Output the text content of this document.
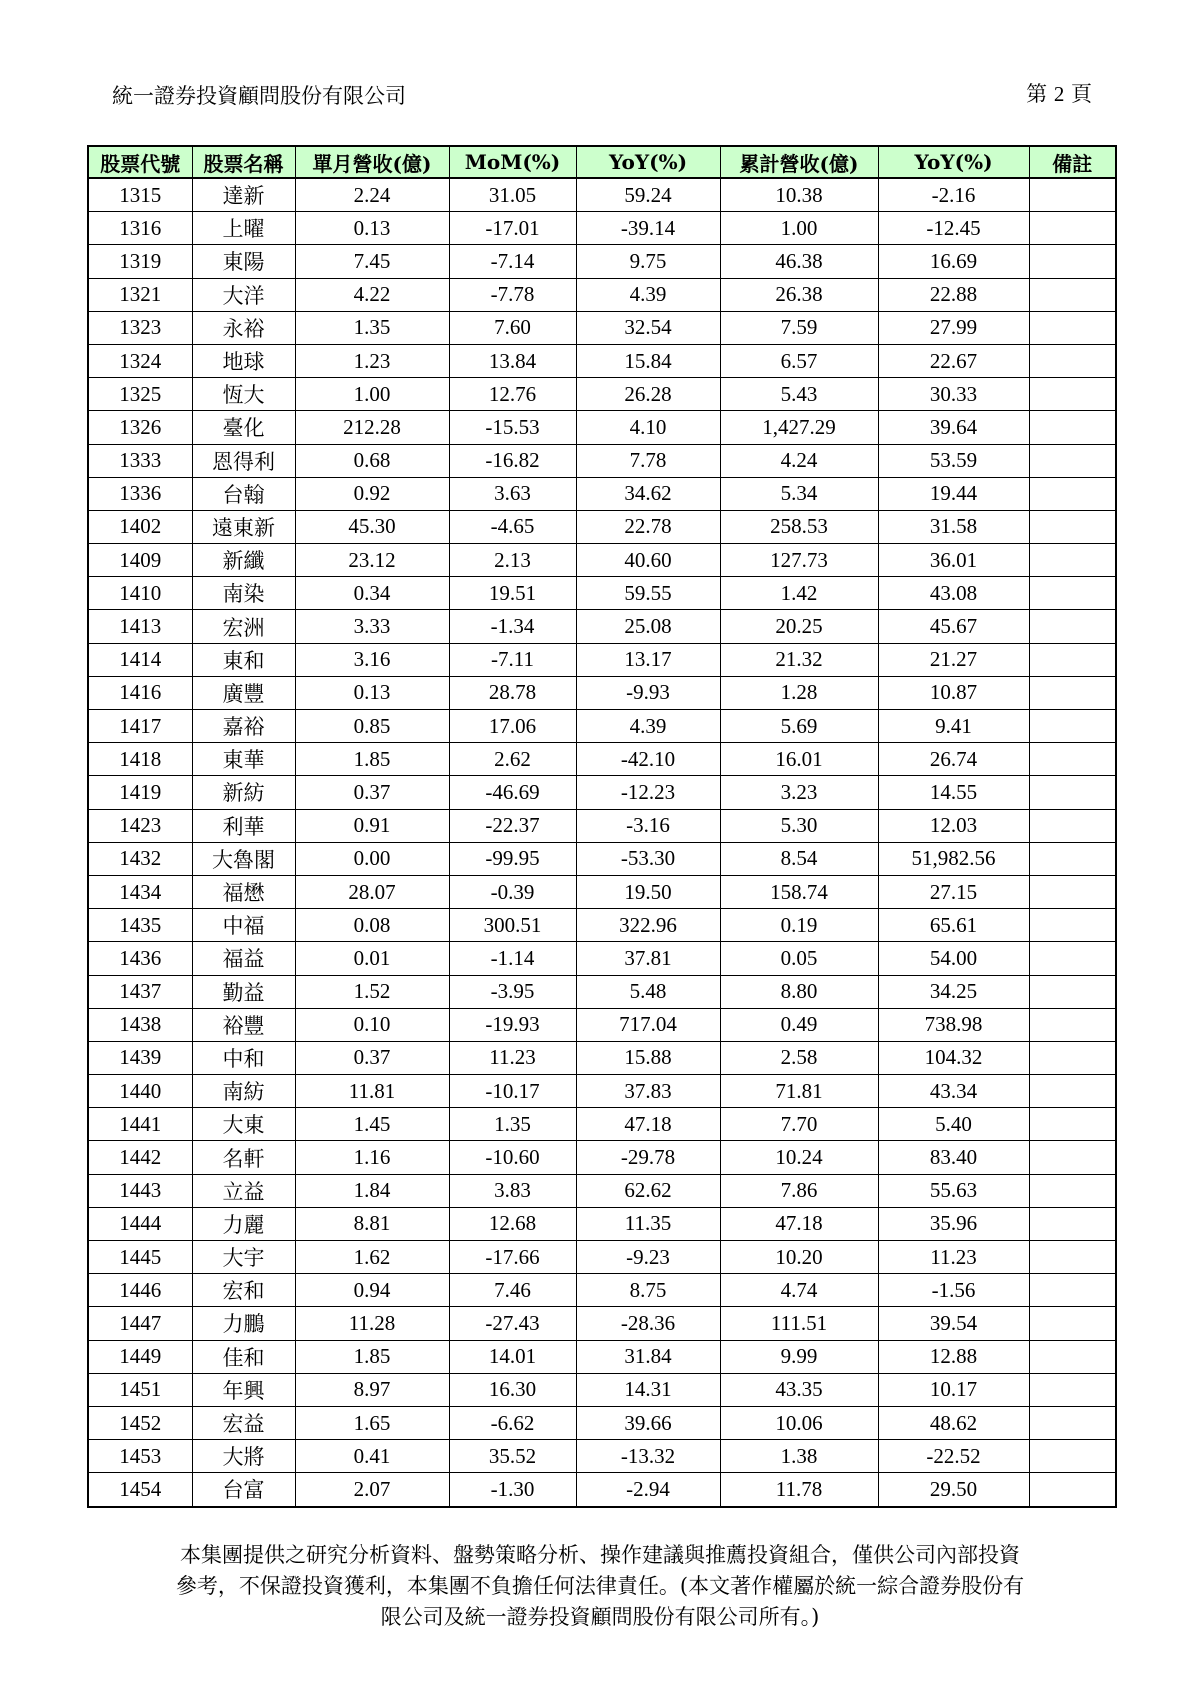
統一證券投資顧問股份有限公司	第 2 頁
股票代號	股票名稱	單月營收(億)	MoM(%)	YoY(%)	累計營收(億)	YoY(%)	備註
1315	達新	2.24	31.05	59.24	10.38	-2.16	
1316	上曜	0.13	-17.01	-39.14	1.00	-12.45	
1319	東陽	7.45	-7.14	9.75	46.38	16.69	
1321	大洋	4.22	-7.78	4.39	26.38	22.88	
1323	永裕	1.35	7.60	32.54	7.59	27.99	
1324	地球	1.23	13.84	15.84	6.57	22.67	
1325	恆大	1.00	12.76	26.28	5.43	30.33	
1326	臺化	212.28	-15.53	4.10	1,427.29	39.64	
1333	恩得利	0.68	-16.82	7.78	4.24	53.59	
1336	台翰	0.92	3.63	34.62	5.34	19.44	
1402	遠東新	45.30	-4.65	22.78	258.53	31.58	
1409	新纖	23.12	2.13	40.60	127.73	36.01	
1410	南染	0.34	19.51	59.55	1.42	43.08	
1413	宏洲	3.33	-1.34	25.08	20.25	45.67	
1414	東和	3.16	-7.11	13.17	21.32	21.27	
1416	廣豐	0.13	28.78	-9.93	1.28	10.87	
1417	嘉裕	0.85	17.06	4.39	5.69	9.41	
1418	東華	1.85	2.62	-42.10	16.01	26.74	
1419	新紡	0.37	-46.69	-12.23	3.23	14.55	
1423	利華	0.91	-22.37	-3.16	5.30	12.03	
1432	大魯閣	0.00	-99.95	-53.30	8.54	51,982.56	
1434	福懋	28.07	-0.39	19.50	158.74	27.15	
1435	中福	0.08	300.51	322.96	0.19	65.61	
1436	福益	0.01	-1.14	37.81	0.05	54.00	
1437	勤益	1.52	-3.95	5.48	8.80	34.25	
1438	裕豐	0.10	-19.93	717.04	0.49	738.98	
1439	中和	0.37	11.23	15.88	2.58	104.32	
1440	南紡	11.81	-10.17	37.83	71.81	43.34	
1441	大東	1.45	1.35	47.18	7.70	5.40	
1442	名軒	1.16	-10.60	-29.78	10.24	83.40	
1443	立益	1.84	3.83	62.62	7.86	55.63	
1444	力麗	8.81	12.68	11.35	47.18	35.96	
1445	大宇	1.62	-17.66	-9.23	10.20	11.23	
1446	宏和	0.94	7.46	8.75	4.74	-1.56	
1447	力鵬	11.28	-27.43	-28.36	111.51	39.54	
1449	佳和	1.85	14.01	31.84	9.99	12.88	
1451	年興	8.97	16.30	14.31	43.35	10.17	
1452	宏益	1.65	-6.62	39.66	10.06	48.62	
1453	大將	0.41	35.52	-13.32	1.38	-22.52	
1454	台富	2.07	-1.30	-2.94	11.78	29.50	
本集團提供之研究分析資料、盤勢策略分析、操作建議與推薦投資組合，僅供公司內部投資
參考，不保證投資獲利，本集團不負擔任何法律責任。(本文著作權屬於統一綜合證券股份有
限公司及統一證券投資顧問股份有限公司所有。)
